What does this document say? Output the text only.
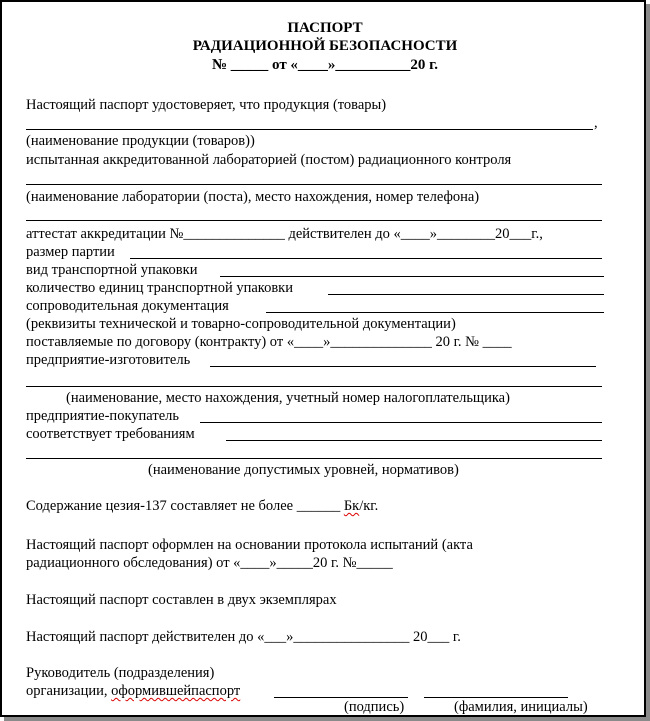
ПАСПОРТ
РАДИАЦИОННОЙ БЕЗОПАСНОСТИ
№ _____ от «____»__________20 г.
Настоящий паспорт удостоверяет, что продукция (товары)
,
(наименование продукции (товаров))
испытанная аккредитованной лабораторией (постом) радиационного контроля
(наименование лаборатории (поста), место нахождения, номер телефона)
аттестат аккредитации №______________ действителен до «____»________20___г.,
размер партии
вид транспортной упаковки
количество единиц транспортной упаковки
сопроводительная документация
(реквизиты технической и товарно-сопроводительной документации)
поставляемые по договору (контракту) от «____»______________ 20 г. № ____
предприятие-изготовитель
(наименование, место нахождения, учетный номер налогоплательщика)
предприятие-покупатель
соответствует требованиям
(наименование допустимых уровней, нормативов)
Содержание цезия-137 составляет не более ______ Бк/кг.
Настоящий паспорт оформлен на основании протокола испытаний (акта
радиационного обследования) от «____»_____20 г. №_____
Настоящий паспорт составлен в двух экземплярах
Настоящий паспорт действителен до «___»________________ 20___ г.
Руководитель (подразделения)
организации, оформившейпаспорт
(подпись)	(фамилия, инициалы)
